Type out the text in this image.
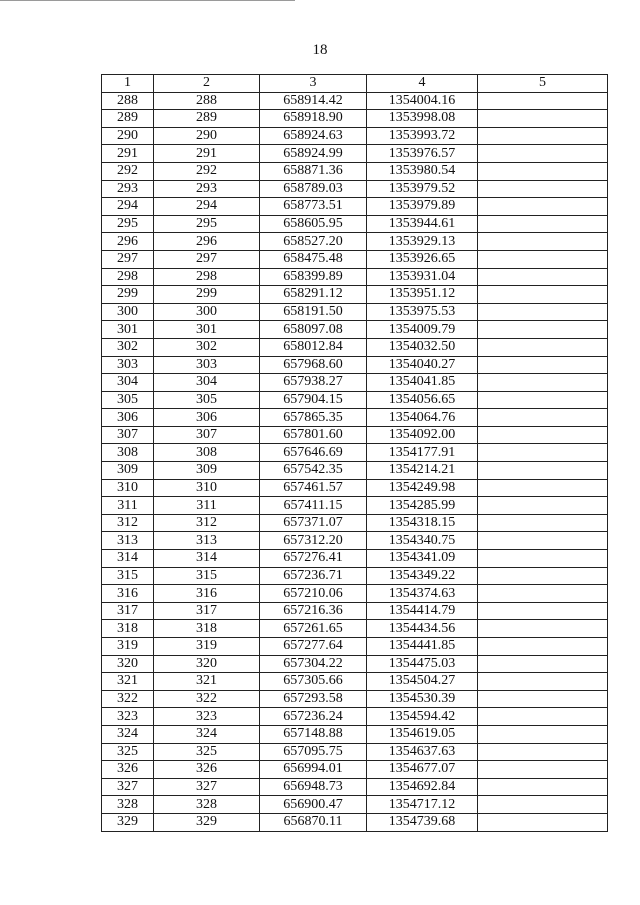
18
1	2	3	4	5
288	288	658914.42	1354004.16	
289	289	658918.90	1353998.08	
290	290	658924.63	1353993.72	
291	291	658924.99	1353976.57	
292	292	658871.36	1353980.54	
293	293	658789.03	1353979.52	
294	294	658773.51	1353979.89	
295	295	658605.95	1353944.61	
296	296	658527.20	1353929.13	
297	297	658475.48	1353926.65	
298	298	658399.89	1353931.04	
299	299	658291.12	1353951.12	
300	300	658191.50	1353975.53	
301	301	658097.08	1354009.79	
302	302	658012.84	1354032.50	
303	303	657968.60	1354040.27	
304	304	657938.27	1354041.85	
305	305	657904.15	1354056.65	
306	306	657865.35	1354064.76	
307	307	657801.60	1354092.00	
308	308	657646.69	1354177.91	
309	309	657542.35	1354214.21	
310	310	657461.57	1354249.98	
311	311	657411.15	1354285.99	
312	312	657371.07	1354318.15	
313	313	657312.20	1354340.75	
314	314	657276.41	1354341.09	
315	315	657236.71	1354349.22	
316	316	657210.06	1354374.63	
317	317	657216.36	1354414.79	
318	318	657261.65	1354434.56	
319	319	657277.64	1354441.85	
320	320	657304.22	1354475.03	
321	321	657305.66	1354504.27	
322	322	657293.58	1354530.39	
323	323	657236.24	1354594.42	
324	324	657148.88	1354619.05	
325	325	657095.75	1354637.63	
326	326	656994.01	1354677.07	
327	327	656948.73	1354692.84	
328	328	656900.47	1354717.12	
329	329	656870.11	1354739.68	
